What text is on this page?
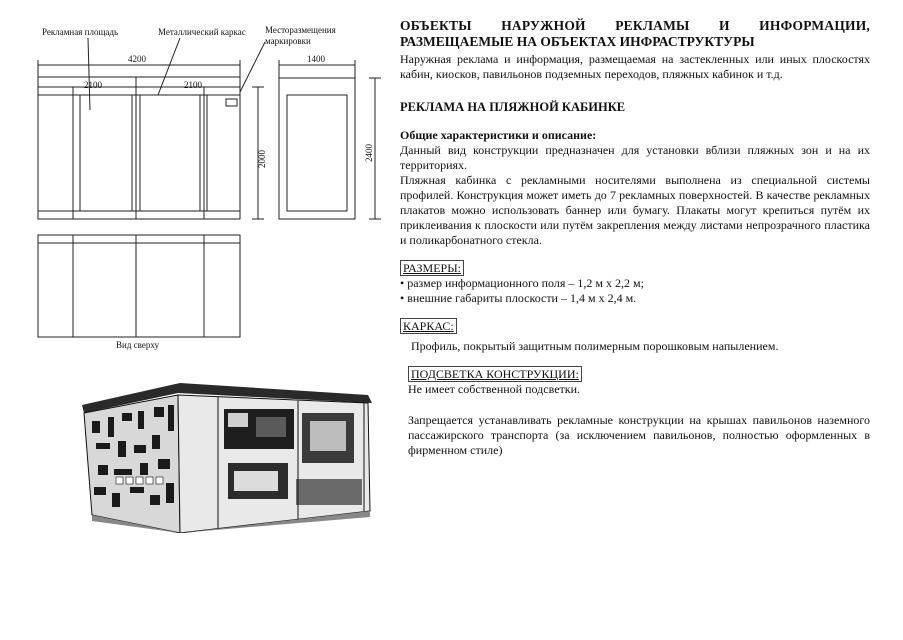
Рекламная площадь	Металлический каркас Месторазмещения
маркировки
4200
2100	2100
1400
2000	2400
Вид сверху

ОБЪЕКТЫ НАРУЖНОЙ РЕКЛАМЫ И ИНФОРМАЦИИ,

РАЗМЕЩАЕМЫЕ НА ОБЪЕКТАХ ИНФРАСТРУКТУРЫ

Наружная реклама и информация, размещаемая на застекленных или иных плоскостях кабин, киосков, павильонов подземных переходов, пляжных кабинок и т.д.

РЕКЛАМА НА ПЛЯЖНОЙ КАБИНКЕ

Общие характеристики и описание:

Данный вид конструкции предназначен для установки вблизи пляжных зон и на их территориях.

Пляжная кабинка с рекламными носителями выполнена из специальной системы профилей. Конструкция может иметь до 7 рекламных поверхностей. В качестве рекламных плакатов можно использовать баннер или бумагу. Плакаты могут крепиться путём их приклеивания к плоскости или путём закрепления между листами непрозрачного пластика и поликарбонатного стекла.

РАЗМЕРЫ:

• размер информационного поля – 1,2 м х 2,2 м;

• внешние габариты плоскости – 1,4 м х 2,4 м.

КАРКАС:

Профиль, покрытый защитным полимерным порошковым напылением.

ПОДСВЕТКА КОНСТРУКЦИИ:

Не имеет собственной подсветки.

Запрещается устанавливать рекламные конструкции на крышах павильонов наземного пассажирского транспорта (за исключением павильонов, полностью оформленных в фирменном стиле)
